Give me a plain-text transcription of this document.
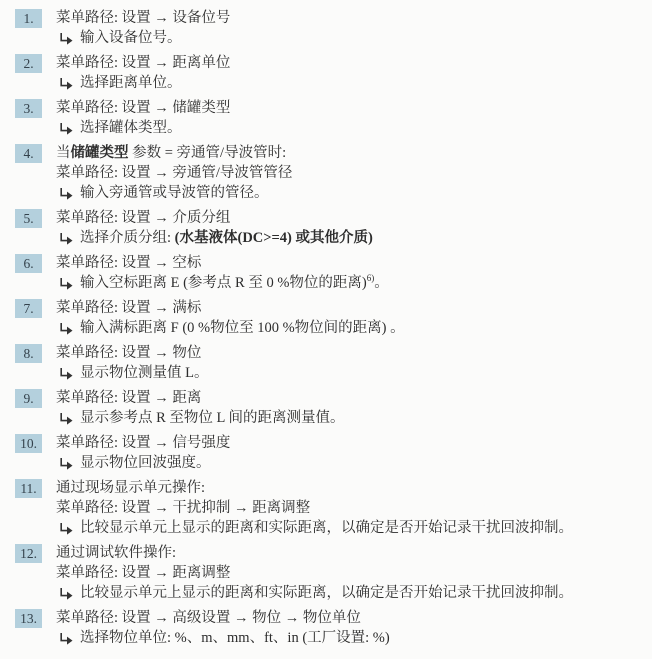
1.	菜单路径: 设置 → 设备位号
输入设备位号。
2.	菜单路径: 设置 → 距离单位
选择距离单位。
3.	菜单路径: 设置 → 储罐类型
选择罐体类型。
4.	当储罐类型 参数 = 旁通管/导波管时:
菜单路径: 设置 → 旁通管/导波管管径
输入旁通管或导波管的管径。
5.	菜单路径: 设置 → 介质分组
选择介质分组: (水基液体(DC>=4) 或其他介质)
6.	菜单路径: 设置 → 空标
输入空标距离 E (参考点 R 至 0 %物位的距离)$^{6)}$。
7.	菜单路径: 设置 → 满标
输入满标距离 F (0 %物位至 100 %物位间的距离) 。
8.	菜单路径: 设置 → 物位
显示物位测量值 L。
9.	菜单路径: 设置 → 距离
显示参考点 R 至物位 L 间的距离测量值。
10.	菜单路径: 设置 → 信号强度
显示物位回波强度。
11.	通过现场显示单元操作:
菜单路径: 设置 → 干扰抑制 → 距离调整
比较显示单元上显示的距离和实际距离，以确定是否开始记录干扰回波抑制。
12.	通过调试软件操作:
菜单路径: 设置 → 距离调整
比较显示单元上显示的距离和实际距离，以确定是否开始记录干扰回波抑制。
13.	菜单路径: 设置 → 高级设置 → 物位 → 物位单位
选择物位单位: %、m、mm、ft、in (工厂设置: %)
